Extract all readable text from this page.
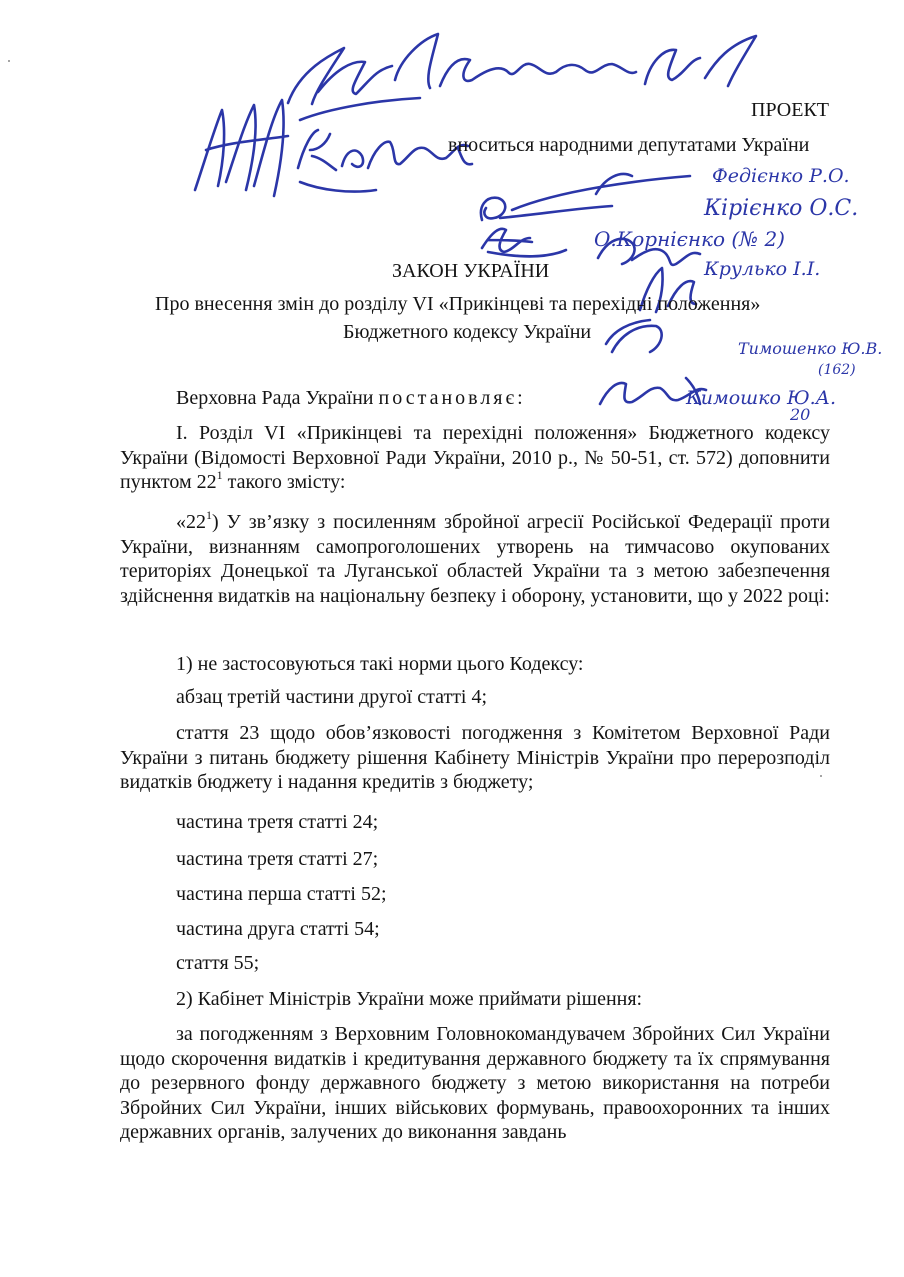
Федієнко Р.О.
Кірієнко О.С.
О.Корнієнко (№ 2)
Крулько І.І.
Тимошенко Ю.В.
(162)
Кимошко Ю.А.
20
ПРОЕКТ
вноситься народними депутатами України
ЗАКОН УКРАЇНИ
Про внесення змін до розділу VI «Прикінцеві та перехідні положення»
Бюджетного кодексу України
Верховна Рада України постановляє:
I. Розділ VI «Прикінцеві та перехідні положення» Бюджетного кодексу України (Відомості Верховної Ради України, 2010 р., № 50-51, ст. 572) доповнити пунктом $22^1$ такого змісту:
«$22^1$) У зв’язку з посиленням збройної агресії Російської Федерації проти України, визнанням самопроголошених утворень на тимчасово окупованих територіях Донецької та Луганської областей України та з метою забезпечення здійснення видатків на національну безпеку і оборону, установити, що у 2022 році:
1) не застосовуються такі норми цього Кодексу:
абзац третій частини другої статті 4;
стаття 23 щодо обов’язковості погодження з Комітетом Верховної Ради України з питань бюджету рішення Кабінету Міністрів України про перерозподіл видатків бюджету і надання кредитів з бюджету;
частина третя статті 24;
частина третя статті 27;
частина перша статті 52;
частина друга статті 54;
стаття 55;
2) Кабінет Міністрів України може приймати рішення:
за погодженням з Верховним Головнокомандувачем Збройних Сил України щодо скорочення видатків і кредитування державного бюджету та їх спрямування до резервного фонду державного бюджету з метою використання на потреби Збройних Сил України, інших військових формувань, правоохоронних та інших державних органів, залучених до виконання завдань
